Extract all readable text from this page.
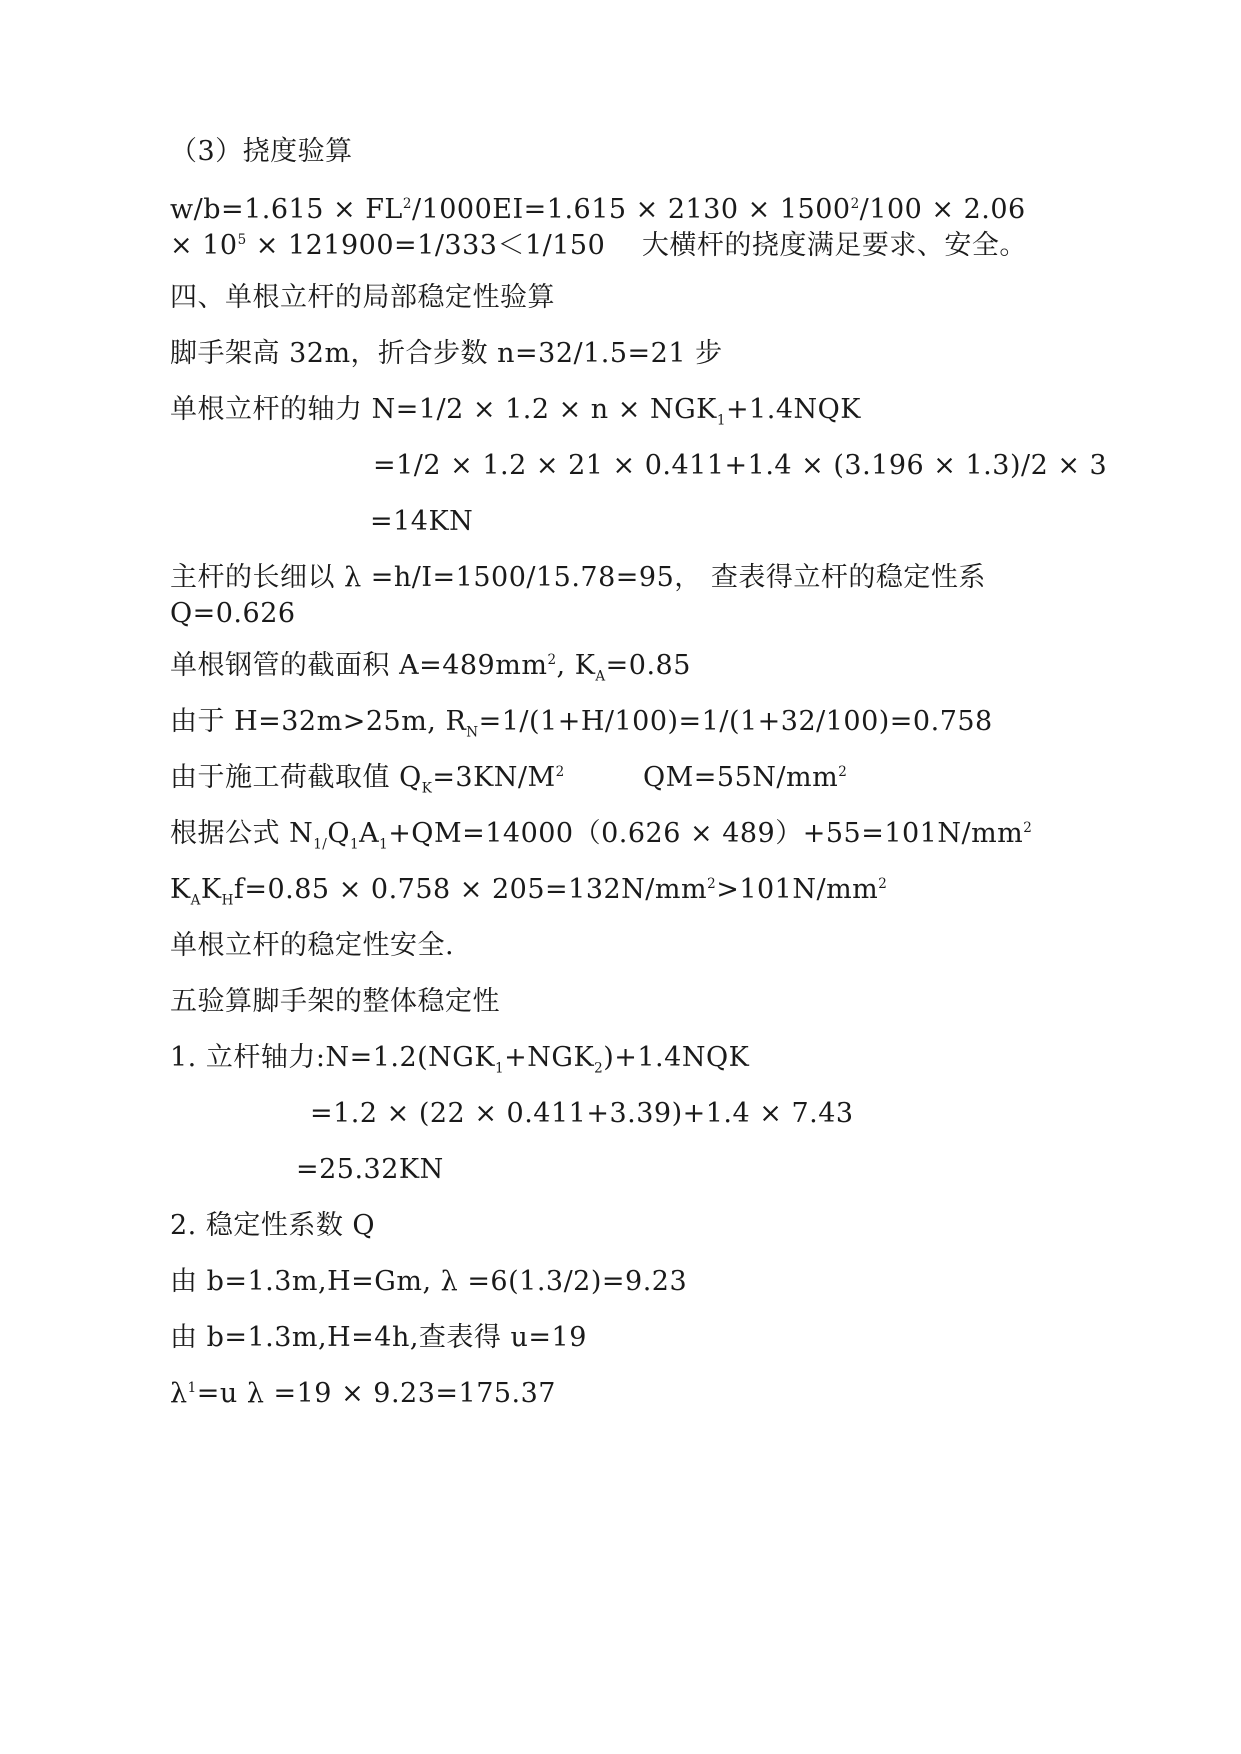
（3）挠度验算
$w/b=1.615 \times FL^2/1000EI=1.615 \times 2130 \times 1500^2/100 \times 2.06 \times 10^5 \times 121900=1/333<1/150$　 大横杆的挠度满足要求、安全。
四、单根立杆的局部稳定性验算
脚手架高 32m，折合步数 n=32/1.5=21 步
单根立杆的轴力 $N=1/2 \times 1.2 \times n \times NGK_1+1.4NQK$
=1/2 × 1.2 × 21 × 0.411+1.4 × (3.196 × 1.3)/2 × 3
=14KN
主杆的长细以 λ =h/I=1500/15.78=95， 查表得立杆的稳定性系 Q=0.626
单根钢管的截面积 $A=489mm^2$, $K_A=0.85$
由于 H=32m>25m, $R_N=1/(1+H/100)=1/(1+32/100)=0.758$
由于施工荷截取值 $Q_K=3KN/M^2$	$QM=55N/mm^2$
根据公式 $N_{1/}Q_1A_1+QM=14000(0.626 \times 489)+55=101N/mm^2$
$K_AK_Hf=0.85 \times 0.758 \times 205=132N/mm^2>101N/mm^2$
单根立杆的稳定性安全.
五验算脚手架的整体稳定性
1. 立杆轴力$:N=1.2(NGK_1+NGK_2)+1.4NQK$
=1.2 × (22 × 0.411+3.39)+1.4 × 7.43
=25.32KN
2. 稳定性系数 Q
由 b=1.3m,H=Gm, λ =6(1.3/2)=9.23
由 b=1.3m,H=4h,查表得 u=19
$\lambda^1=u$ λ =19 × 9.23=175.37
